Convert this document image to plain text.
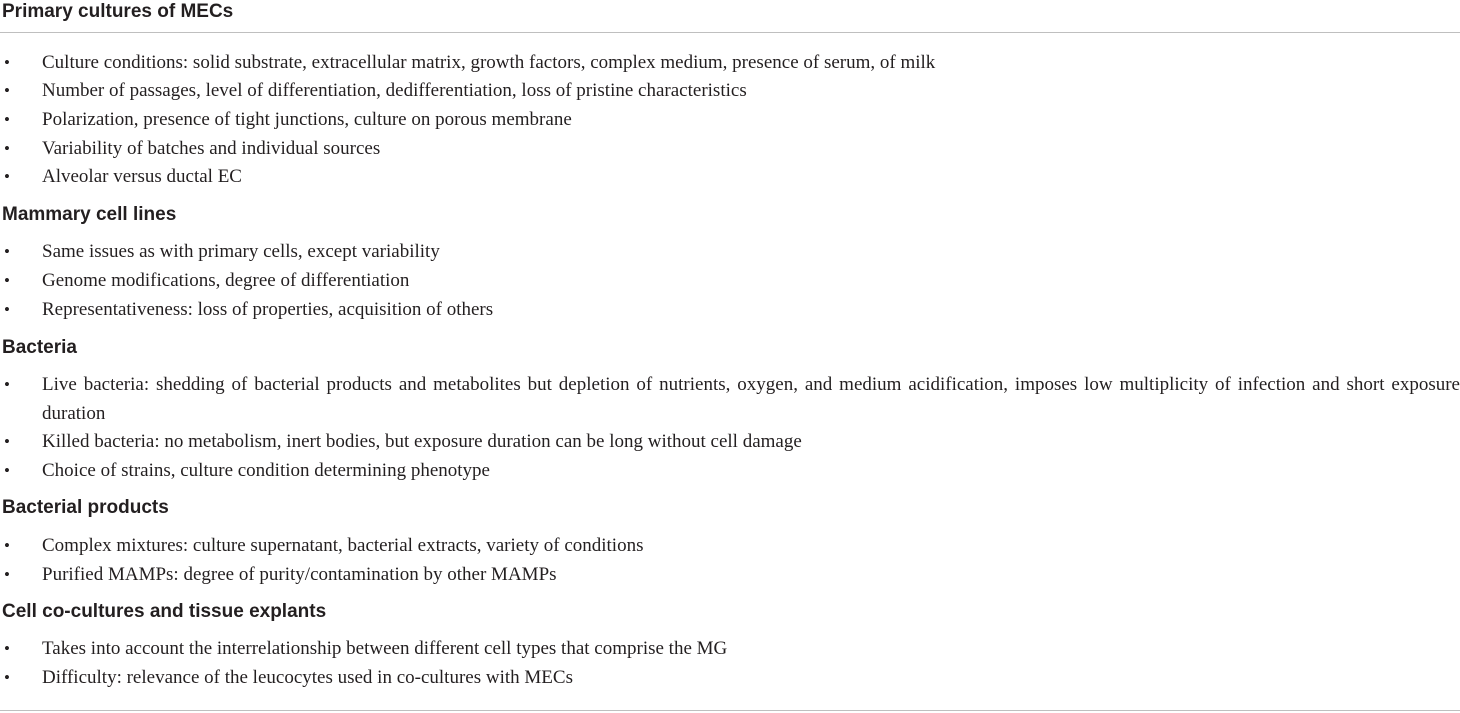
Primary cultures of MECs
• Culture conditions: solid substrate, extracellular matrix, growth factors, complex medium, presence of serum, of milk
• Number of passages, level of differentiation, dedifferentiation, loss of pristine characteristics
• Polarization, presence of tight junctions, culture on porous membrane
• Variability of batches and individual sources
• Alveolar versus ductal EC
Mammary cell lines
• Same issues as with primary cells, except variability
• Genome modifications, degree of differentiation
• Representativeness: loss of properties, acquisition of others
Bacteria
• Live bacteria: shedding of bacterial products and metabolites but depletion of nutrients, oxygen, and medium acidification, imposes low multiplicity of infection and short exposure duration
• Killed bacteria: no metabolism, inert bodies, but exposure duration can be long without cell damage
• Choice of strains, culture condition determining phenotype
Bacterial products
• Complex mixtures: culture supernatant, bacterial extracts, variety of conditions
• Purified MAMPs: degree of purity/contamination by other MAMPs
Cell co-cultures and tissue explants
• Takes into account the interrelationship between different cell types that comprise the MG
• Difficulty: relevance of the leucocytes used in co-cultures with MECs
